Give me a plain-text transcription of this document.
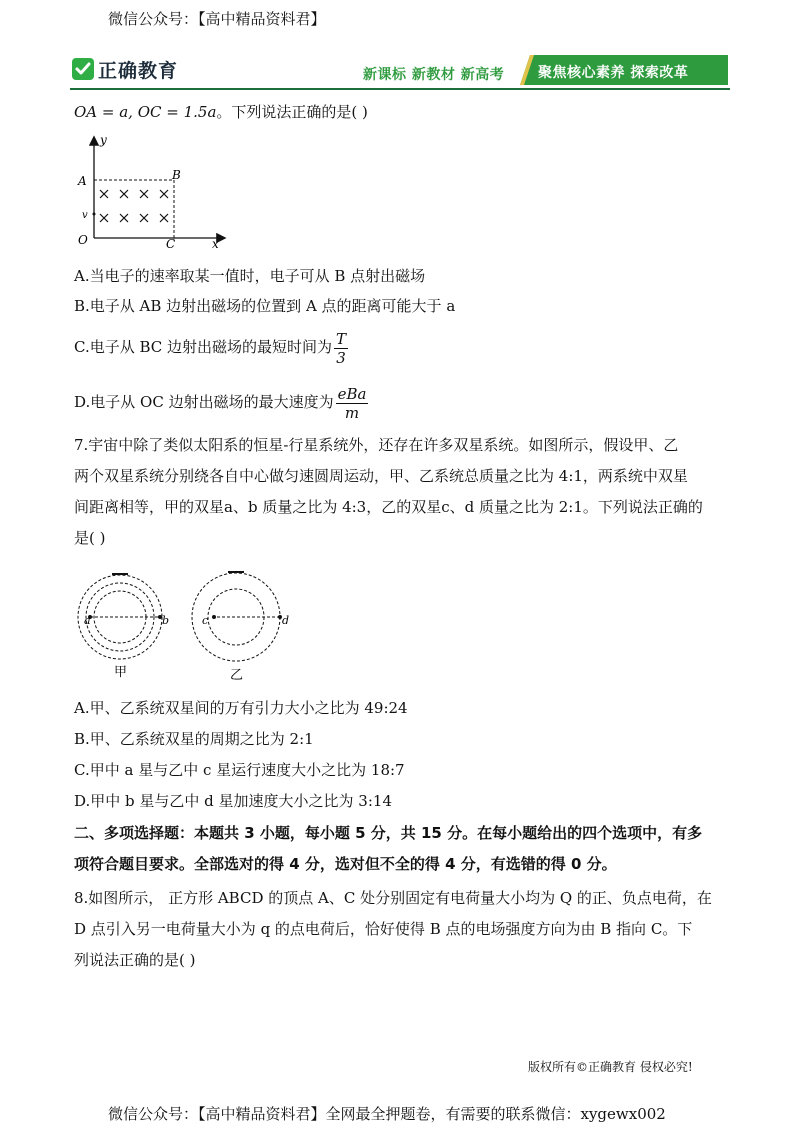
微信公众号：【高中精品资料君】
正确教育	新课标 新教材 新高考 聚焦核心素养 探索改革
OA = a, OC = 1.5a。下列说法正确的是( )
y
A	B
v
O	C	x
A.当电子的速率取某一值时，电子可从 B 点射出磁场
B.电子从 AB 边射出磁场的位置到 A 点的距离可能大于 a
C.电子从 BC 边射出磁场的最短时间为 $\frac{T}{3}$
D.电子从 OC 边射出磁场的最大速度为 $\frac{\text{eBa}}{m}$
7.宇宙中除了类似太阳系的恒星-行星系统外，还存在许多双星系统。如图所示，假设甲、乙
两个双星系统分别绕各自中心做匀速圆周运动，甲、乙系统总质量之比为 4:1，两系统中双星
间距离相等，甲的双星a、b 质量之比为 4:3，乙的双星c、d 质量之比为 2:1。下列说法正确的
是( )
a	b
甲
c	d
乙
A.甲、乙系统双星间的万有引力大小之比为 49:24
B.甲、乙系统双星的周期之比为 2:1
C.甲中 a 星与乙中 c 星运行速度大小之比为 18:7
D.甲中 b 星与乙中 d 星加速度大小之比为 3:14
二、多项选择题：本题共 3 小题，每小题 5 分，共 15 分。在每小题给出的四个选项中，有多
项符合题目要求。全部选对的得 4 分，选对但不全的得 4 分，有选错的得 0 分。
8.如图所示， 正方形 ABCD 的顶点 A、C 处分别固定有电荷量大小均为 Q 的正、负点电荷，在
D 点引入另一电荷量大小为 q 的点电荷后，恰好使得 B 点的电场强度方向为由 B 指向 C。下
列说法正确的是( )
版权所有©正确教育 侵权必究!
微信公众号：【高中精品资料君】全网最全押题卷，有需要的联系微信：xygewx002
